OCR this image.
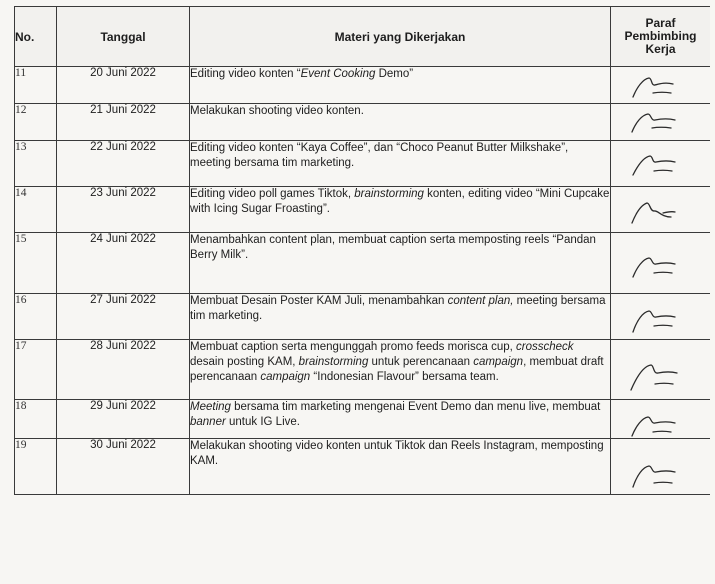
No.	Tanggal	Materi yang Dikerjakan	Paraf
Pembimbing
Kerja

11	20 Juni 2022	Editing video konten “Event Cooking Demo”	

12	21 Juni 2022	Melakukan shooting video konten.	

13	22 Juni 2022	Editing video konten “Kaya Coffee”, dan “Choco Peanut Butter Milkshake”, meeting bersama tim marketing.	

14	23 Juni 2022	Editing video poll games Tiktok, brainstorming konten, editing video “Mini Cupcake with Icing Sugar Froasting”.	

15	24 Juni 2022	Menambahkan content plan, membuat caption serta memposting reels “Pandan Berry Milk”.	

16	27 Juni 2022	Membuat Desain Poster KAM Juli, menambahkan content plan, meeting bersama tim marketing.	

17	28 Juni 2022	Membuat caption serta mengunggah promo feeds morisca cup, crosscheck desain posting KAM, brainstorming untuk perencanaan campaign, membuat draft perencanaan campaign “Indonesian Flavour” bersama team.	

18	29 Juni 2022	Meeting bersama tim marketing mengenai Event Demo dan menu live, membuat banner untuk IG Live.	

19	30 Juni 2022	Melakukan shooting video konten untuk Tiktok dan Reels Instagram, memposting KAM.	
